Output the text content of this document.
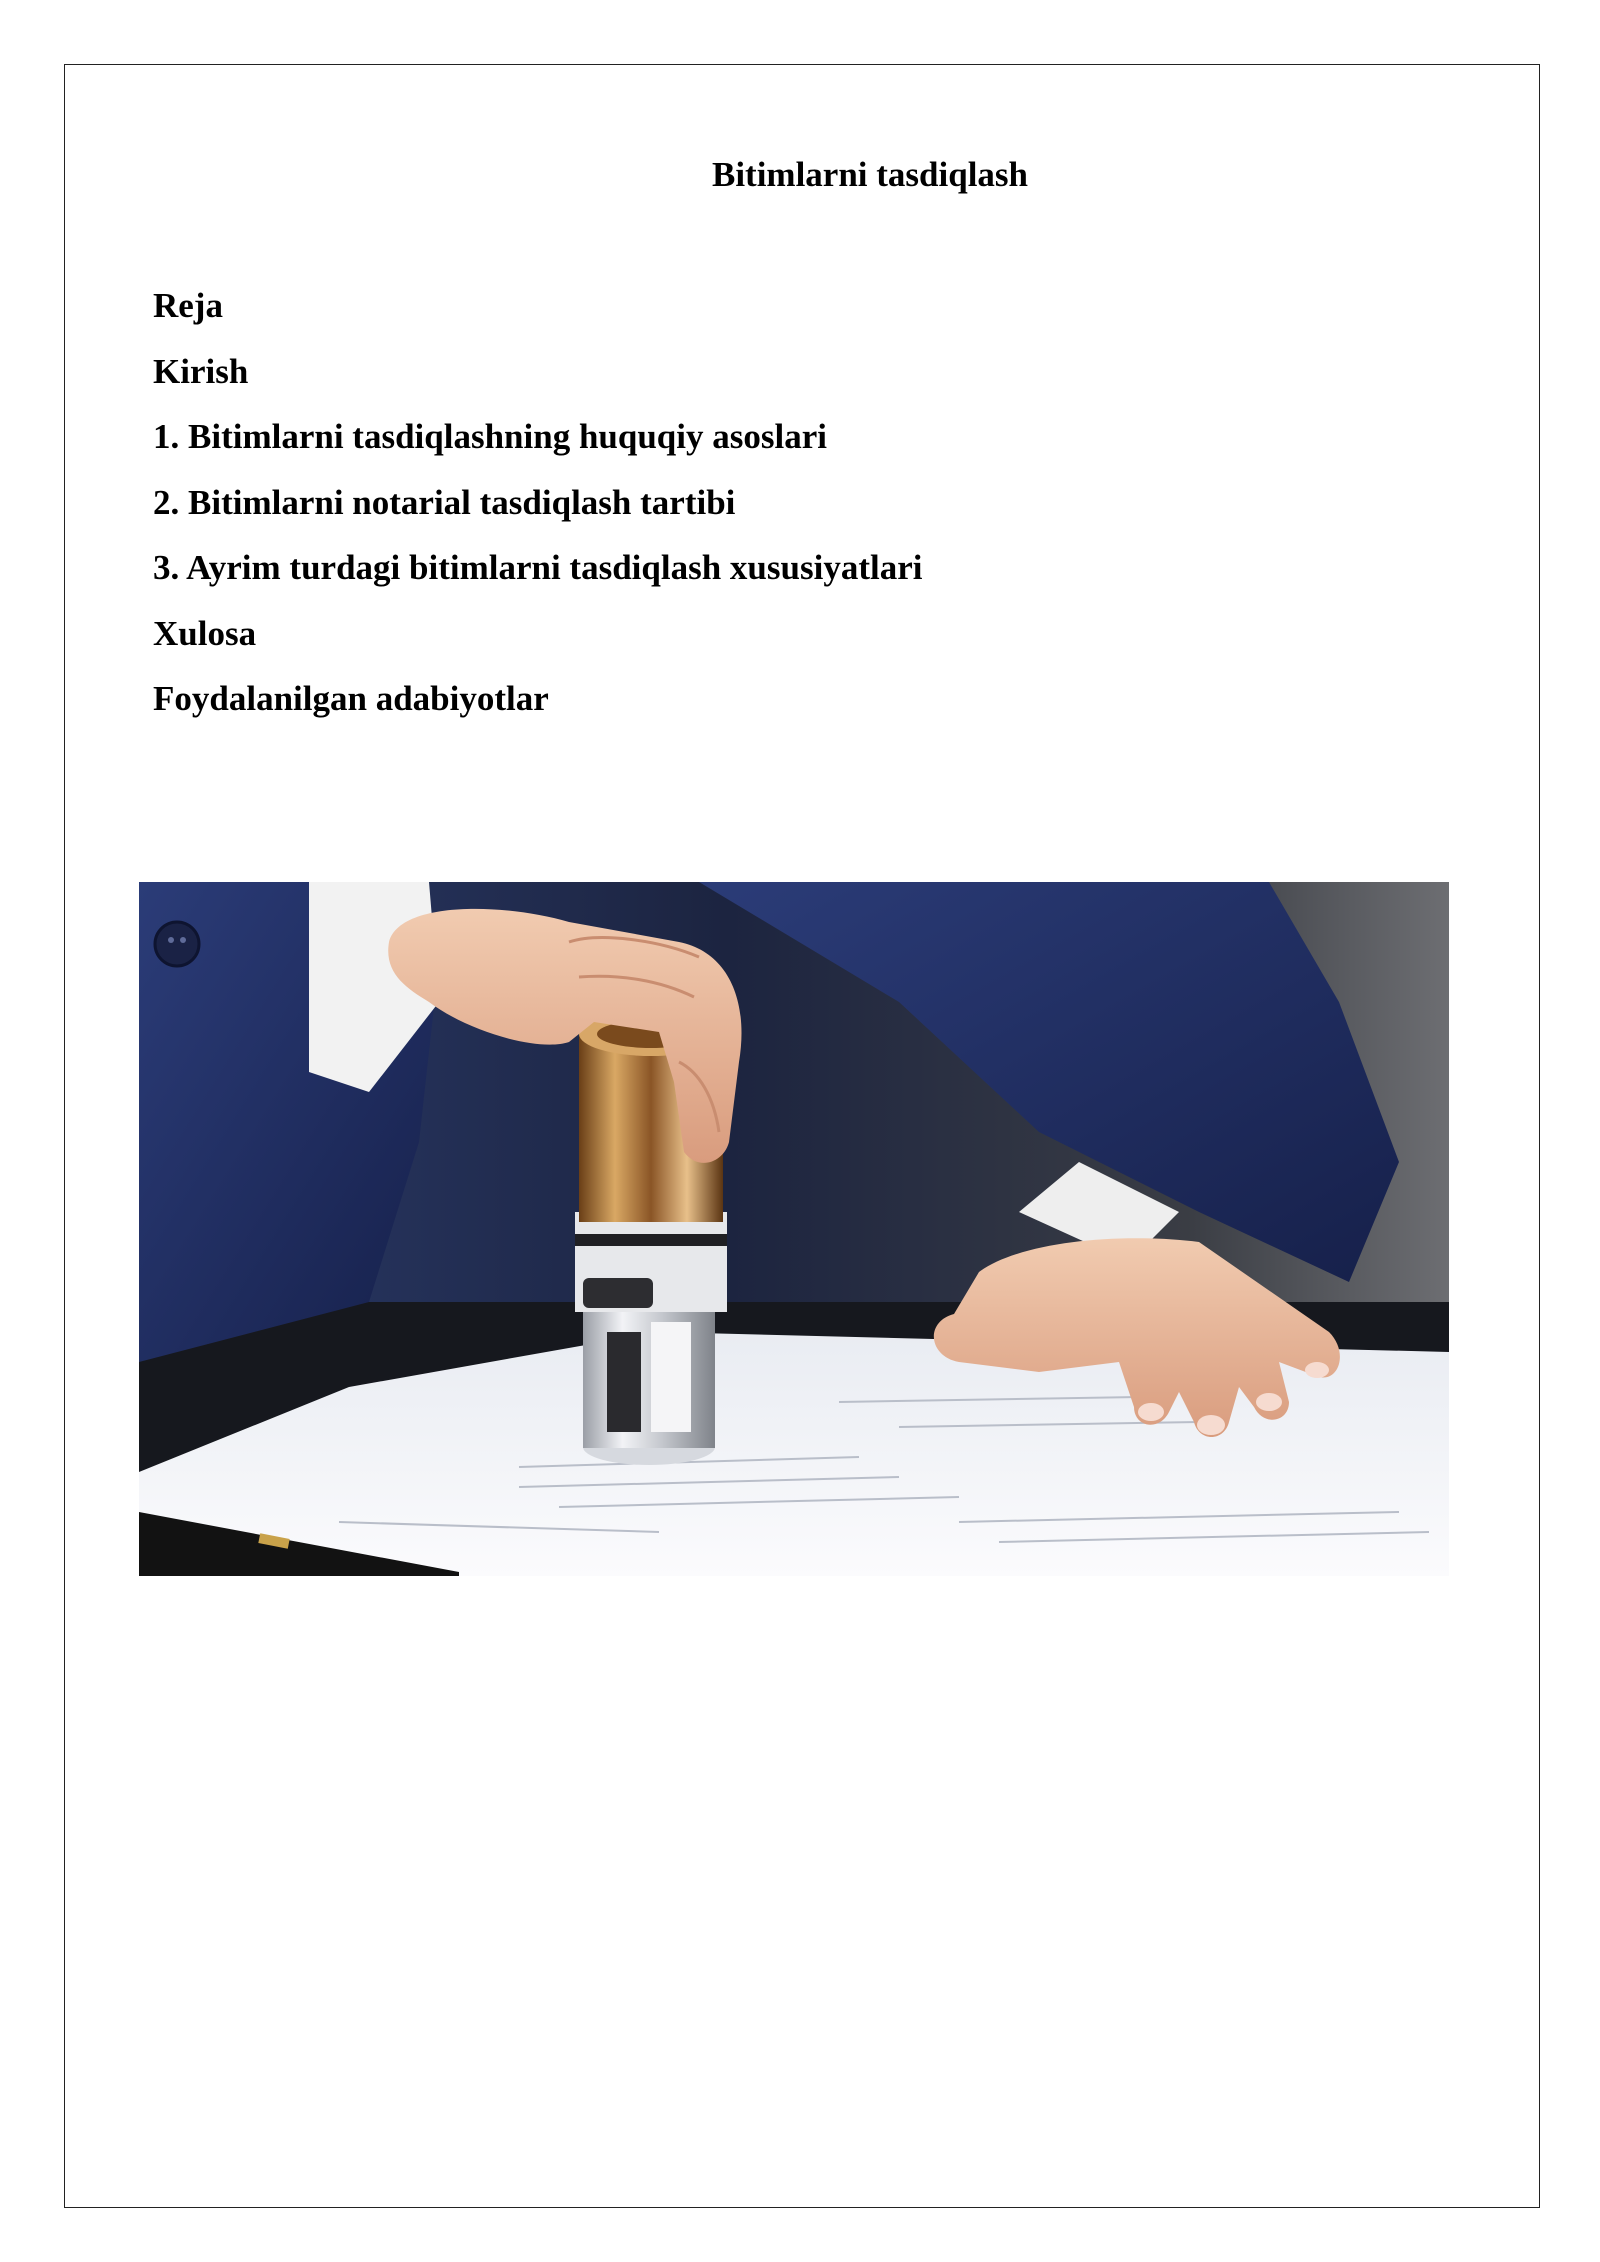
Bitimlarni tasdiqlash
Reja
Kirish
1. Bitimlarni tasdiqlashning huquqiy asoslari
2. Bitimlarni notarial tasdiqlash tartibi
3. Ayrim turdagi bitimlarni tasdiqlash xususiyatlari
Xulosa
Foydalanilgan adabiyotlar
